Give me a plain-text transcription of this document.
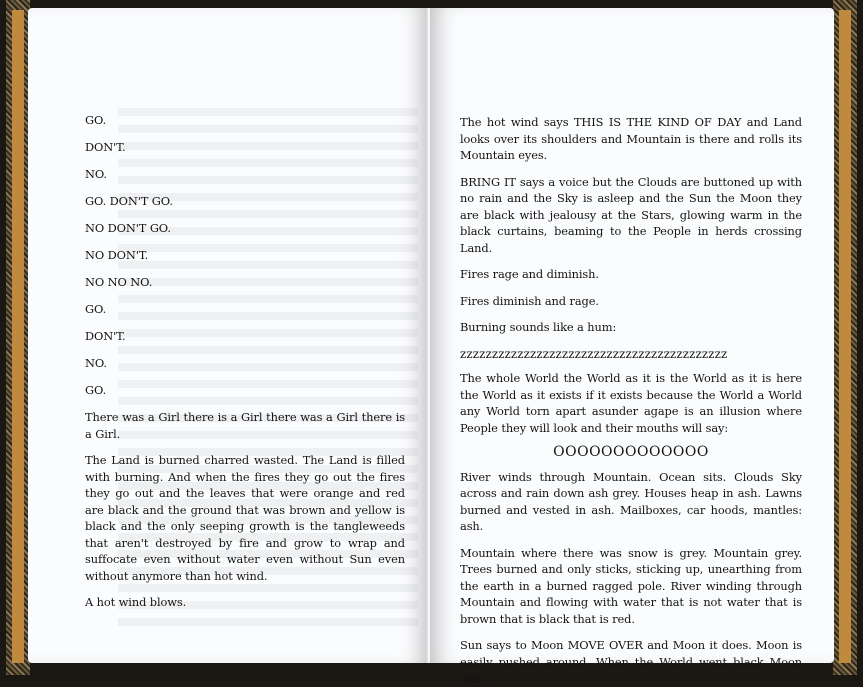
GO.

DON'T.

NO.

GO. DON'T GO.

NO DON'T GO.

NO DON'T.

NO NO NO.

GO.

DON'T.

NO.

GO.

There was a Girl there is a Girl there was a Girl there is a Girl.

The Land is burned charred wasted. The Land is filled with burning. And when the fires they go out the fires they go out and the leaves that were orange and red are black and the ground that was brown and yellow is black and the only seeping growth is the tangleweeds that aren't destroyed by fire and grow to wrap and suffocate even without water even without Sun even without anymore than hot wind.

A hot wind blows.

The hot wind says THIS IS THE KIND OF DAY and Land looks over its shoulders and Mountain is there and rolls its Mountain eyes.

BRING IT says a voice but the Clouds are buttoned up with no rain and the Sky is asleep and the Sun the Moon they are black with jealousy at the Stars, glowing warm in the black curtains, beaming to the People in herds crossing Land.

Fires rage and diminish.

Fires diminish and rage.

Burning sounds like a hum:

zzzzzzzzzzzzzzzzzzzzzzzzzzzzzzzzzzzzzzzzzz

The whole World the World as it is the World as it is here the World as it exists if it exists because the World a World any World torn apart asunder agape is an illusion where People they will look and their mouths will say:

OOOOOOOOOOOOO

River winds through Mountain. Ocean sits. Clouds Sky across and rain down ash grey. Houses heap in ash. Lawns burned and vested in ash. Mailboxes, car hoods, mantles: ash.

Mountain where there was snow is grey. Mountain grey. Trees burned and only sticks, sticking up, unearthing from the earth in a burned ragged pole. River winding through Mountain and flowing with water that is not water that is brown that is black that is red.

Sun says to Moon MOVE OVER and Moon it does. Moon is easily pushed around. When the World went black Moon was
